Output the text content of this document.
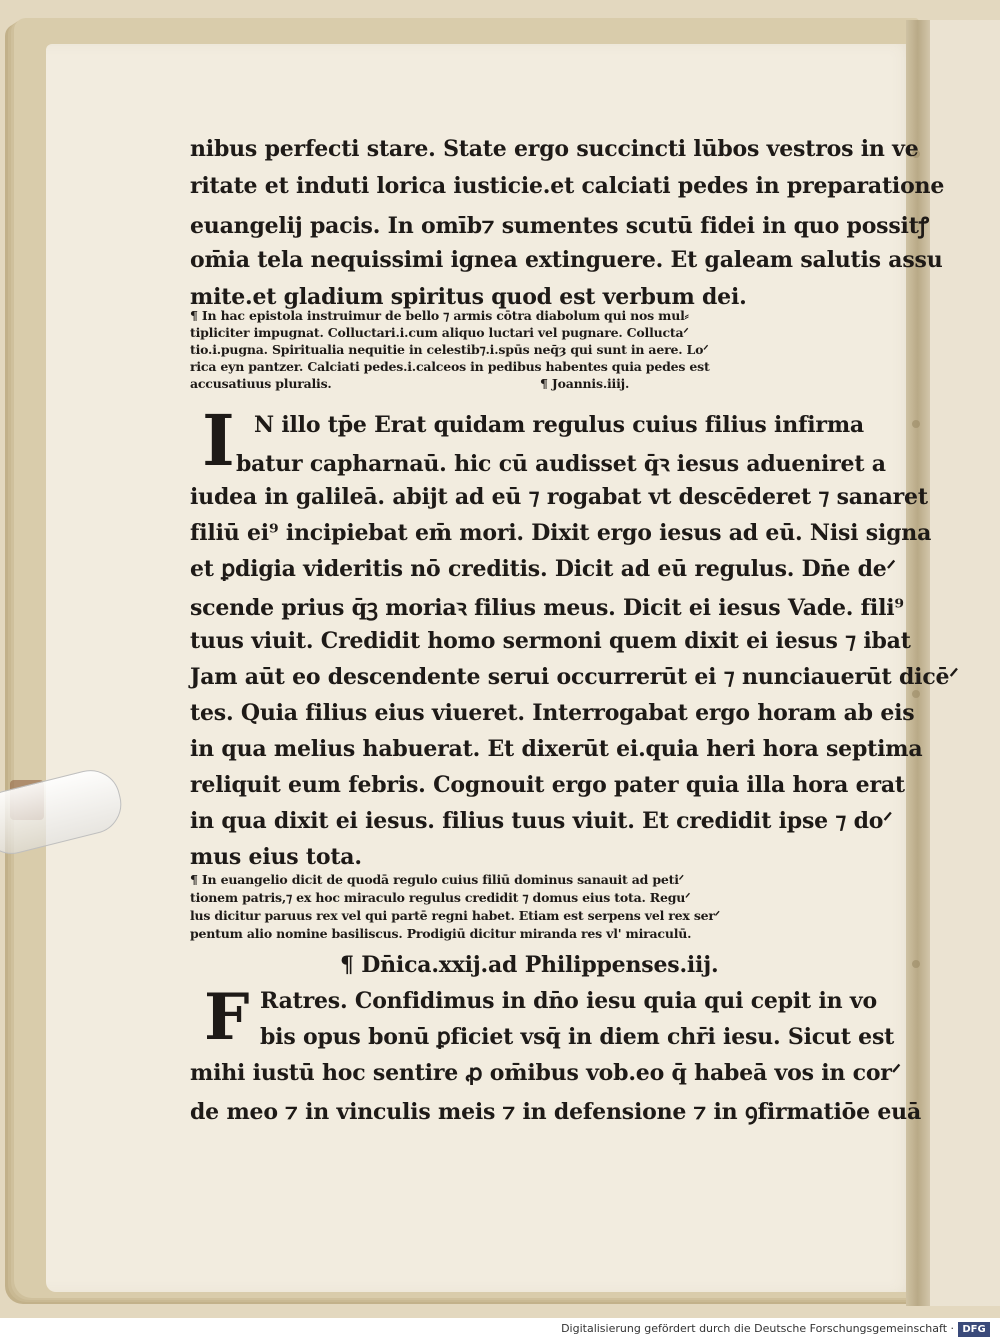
nibus perfecti stare. State ergo succincti lūbos vestros in ve
ritate et induti lorica iusticie.et calciati pedes in preparatione
euangelij pacis. In omīb⁊ sumentes scutū fidei in quo possitꝭ
om̄ia tela nequissimi ignea extinguere. Et galeam salutis assu
mite.et gladium spiritus quod est verbum dei.
¶ In hac epistola instruimur de bello ⁊ armis cōtra diabolum qui nos mul⸗
tipliciter impugnat. Colluctari.i.cum aliquo luctari vel pugnare. Colluctaᐟ
tio.i.pugna. Spiritualia nequitie in celestib⁊.i.spūs neq̄ȝ qui sunt in aere. Loᐟ
rica eyn pantzer. Calciati pedes.i.calceos in pedibus habentes quia pedes est
accusatiuus pluralis.	¶ Joannis.iiij.
I N illo tp̄e Erat quidam regulus cuius filius infirma
batur capharnaū. hic cū audisset q̄ꝛ iesus adueniret a
iudea in galileā. abijt ad eū ⁊ rogabat vt descēderet ⁊ sanaret
filiū ei⁹ incipiebat em̄ mori. Dixit ergo iesus ad eū. Nisi signa
et ꝑdigia videritis nō creditis. Dicit ad eū regulus. Dn̄e deᐟ
scende prius q̄ꝫ moriaꝛ filius meus. Dicit ei iesus Vade. fili⁹
tuus viuit. Credidit homo sermoni quem dixit ei iesus ⁊ ibat
Jam aūt eo descendente serui occurrerūt ei ⁊ nunciauerūt dicēᐟ
tes. Quia filius eius viueret. Interrogabat ergo horam ab eis
in qua melius habuerat. Et dixerūt ei.quia heri hora septima
reliquit eum febris. Cognouit ergo pater quia illa hora erat
in qua dixit ei iesus. filius tuus viuit. Et credidit ipse ⁊ doᐟ
mus eius tota.
¶ In euangelio dicit de quodā regulo cuius filiū dominus sanauit ad petiᐟ
tionem patris,⁊ ex hoc miraculo regulus credidit ⁊ domus eius tota. Reguᐟ
lus dicitur paruus rex vel qui partē regni habet. Etiam est serpens vel rex serᐟ
pentum alio nomine basiliscus. Prodigiū dicitur miranda res vl' miraculū.
¶ Dn̄ica.xxij.ad Philippenses.iij.
F Ratres. Confidimus in dn̄o iesu quia qui cepit in vo
bis opus bonū ꝑficiet vsq̄ in diem chr̄i iesu. Sicut est
mihi iustū hoc sentire ꝓ om̄ibus vob.eo q̄ habeā vos in corᐟ
de meo ⁊ in vinculis meis ⁊ in defensione ⁊ in ꝯfirmatiōe euā
Digitalisierung gefördert durch die Deutsche Forschungsgemeinschaft · DFG
